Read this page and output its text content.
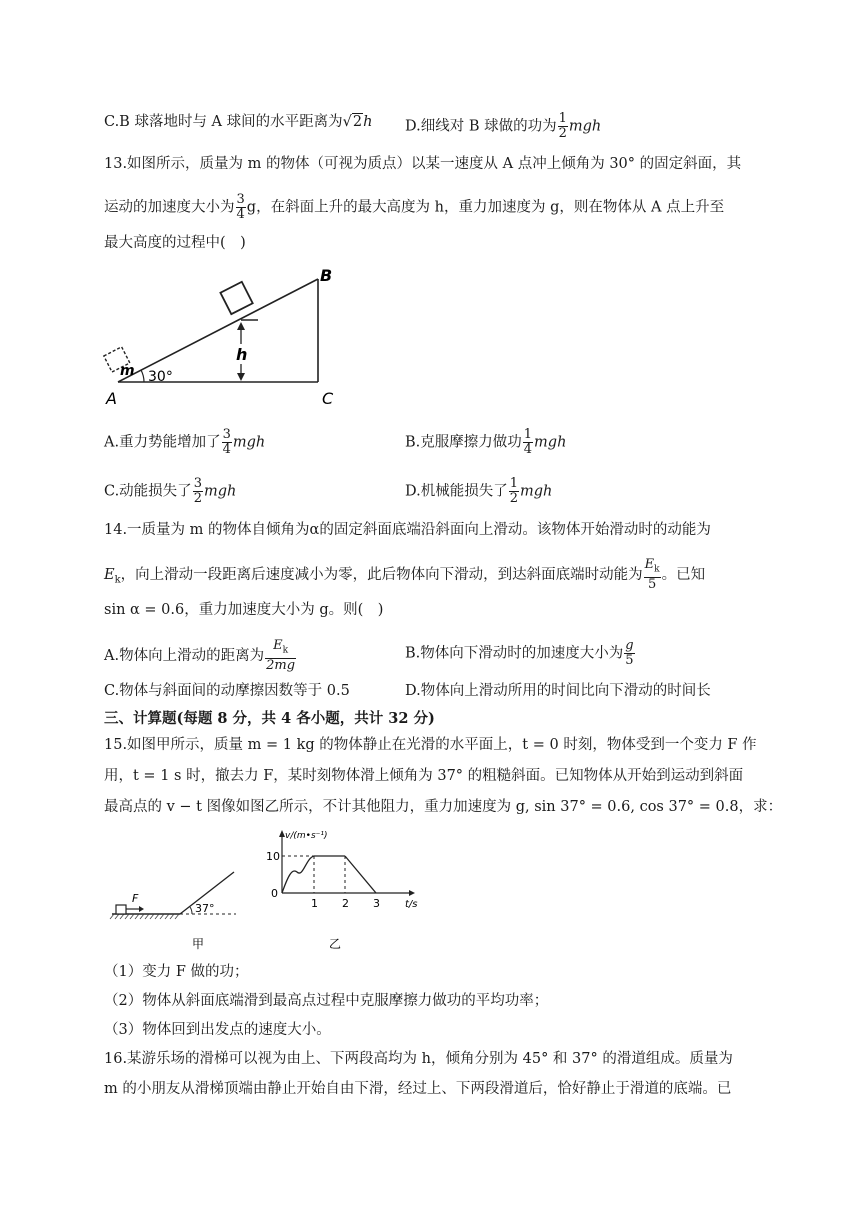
C.B 球落地时与 A 球间的水平距离为√2h D.细线对 B 球做的功为 $\frac{1}{2}$ mgh
13.如图所示，质量为 m 的物体（可视为质点）以某一速度从 A 点冲上倾角为 30° 的固定斜面，其
运动的加速度大小为 $\frac{3}{4}$ g，在斜面上升的最大高度为 h，重力加速度为 g，则在物体从 A 点上升至
最大高度的过程中(　)
m 30°
h
A
B
C
A.重力势能增加了 $\frac{3}{4}$ mgh	B.克服摩擦力做功 $\frac{1}{4}$ mgh
C.动能损失了 $\frac{3}{2}$ mgh	D.机械能损失了 $\frac{1}{2}$ mgh
14.一质量为 m 的物体自倾角为α的固定斜面底端沿斜面向上滑动。该物体开始滑动时的动能为
$E_k$，向上滑动一段距离后速度减小为零，此后物体向下滑动，到达斜面底端时动能为 $\frac{E_k}{5}$ 。已知
sin α = 0.6，重力加速度大小为 g。则(　)
A.物体向上滑动的距离为 $\frac{E_k}{2mg}$	B.物体向下滑动时的加速度大小为 $\frac{g}{5}$
C.物体与斜面间的动摩擦因数等于 0.5	D.物体向上滑动所用的时间比向下滑动的时间长
三、计算题(每题 8 分，共 4 各小题，共计 32 分)
15.如图甲所示，质量 m = 1 kg 的物体静止在光滑的水平面上，t = 0 时刻，物体受到一个变力 F 作
用，t = 1 s 时，撤去力 F，某时刻物体滑上倾角为 37° 的粗糙斜面。已知物体从开始到运动到斜面
最高点的 v − t 图像如图乙所示，不计其他阻力，重力加速度为 g, sin 37° = 0.6, cos 37° = 0.8，求：
F
37°
甲
v/(m•s⁻¹)
10
0
1 2 3	t/s
乙
（1）变力 F 做的功；
（2）物体从斜面底端滑到最高点过程中克服摩擦力做功的平均功率；
（3）物体回到出发点的速度大小。
16.某游乐场的滑梯可以视为由上、下两段高均为 h，倾角分别为 45° 和 37° 的滑道组成。质量为
m 的小朋友从滑梯顶端由静止开始自由下滑，经过上、下两段滑道后，恰好静止于滑道的底端。已
